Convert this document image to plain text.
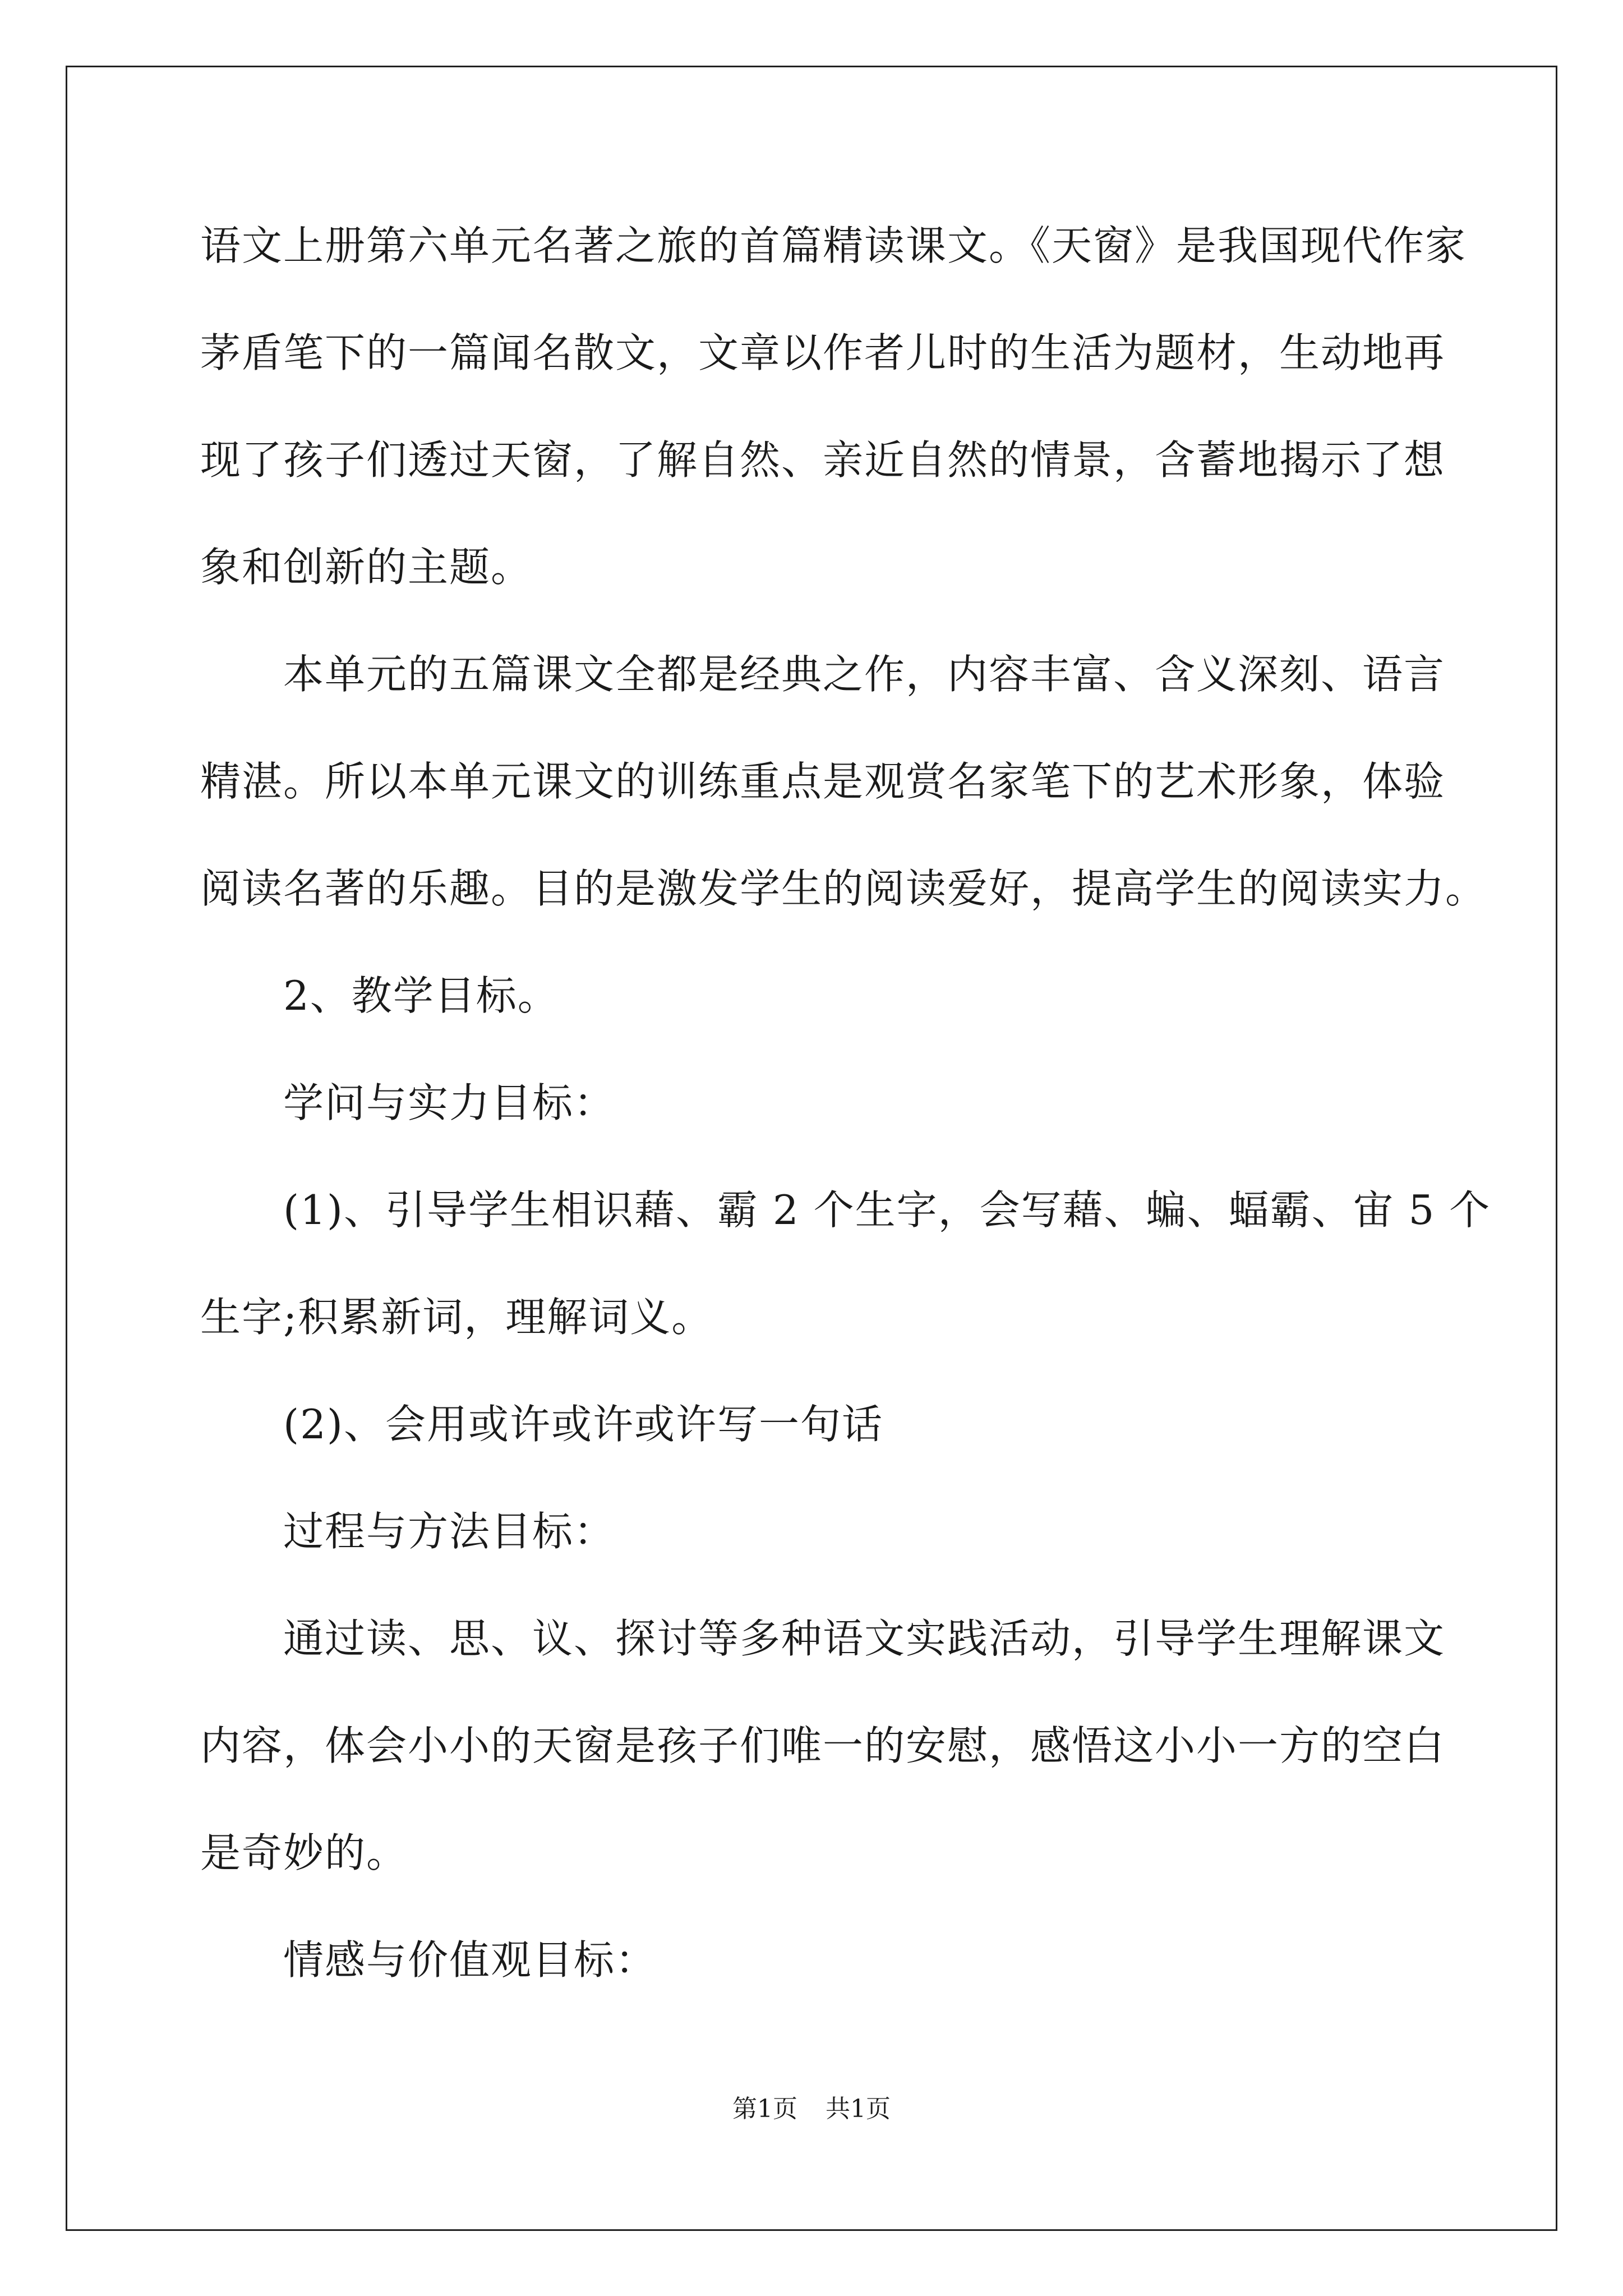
语文上册第六单元名著之旅的首篇精读课文。《天窗》是我国现代作家
茅盾笔下的一篇闻名散文，文章以作者儿时的生活为题材，生动地再
现了孩子们透过天窗，了解自然、亲近自然的情景，含蓄地揭示了想
象和创新的主题。
本单元的五篇课文全都是经典之作，内容丰富、含义深刻、语言
精湛。所以本单元课文的训练重点是观赏名家笔下的艺术形象，体验
阅读名著的乐趣。目的是激发学生的阅读爱好，提高学生的阅读实力。
2、教学目标。
学问与实力目标：
(1)、引导学生相识藉、霸 2 个生字，会写藉、蝙、蝠霸、宙 5 个
生字;积累新词，理解词义。
(2)、会用或许或许或许写一句话
过程与方法目标：
通过读、思、议、探讨等多种语文实践活动，引导学生理解课文
内容，体会小小的天窗是孩子们唯一的安慰，感悟这小小一方的空白
是奇妙的。
情感与价值观目标：
第1页 共1页
